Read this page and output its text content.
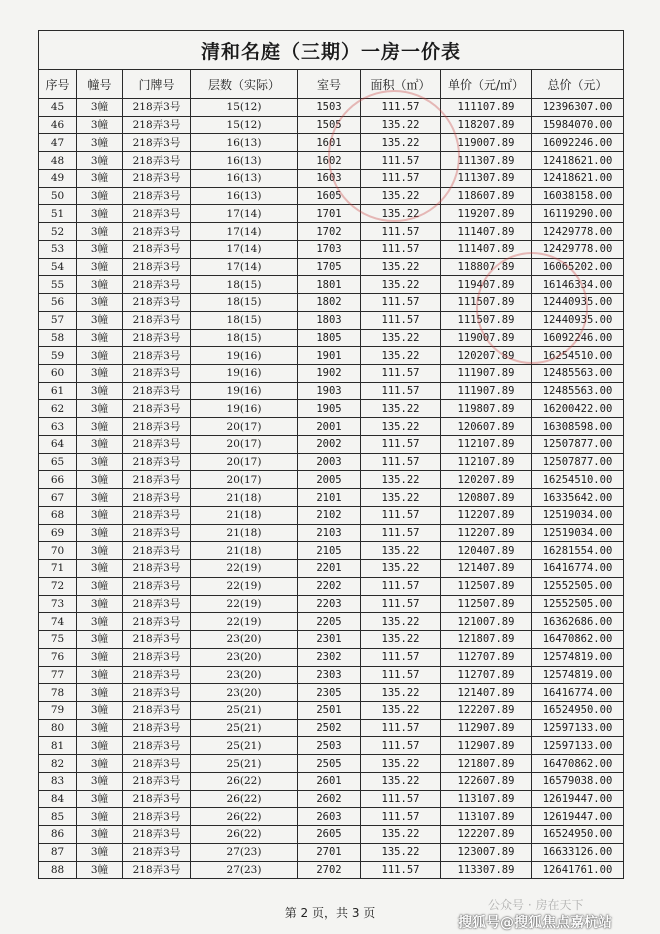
清和名庭（三期）一房一价表							
序号	幢号	门牌号	层数（实际）	室号	面积（㎡）	单价（元/㎡）	总价（元）
45	3幢	218弄3号	15(12)	1503	111.57	111107.89	12396307.00
46	3幢	218弄3号	15(12)	1505	135.22	118207.89	15984070.00
47	3幢	218弄3号	16(13)	1601	135.22	119007.89	16092246.00
48	3幢	218弄3号	16(13)	1602	111.57	111307.89	12418621.00
49	3幢	218弄3号	16(13)	1603	111.57	111307.89	12418621.00
50	3幢	218弄3号	16(13)	1605	135.22	118607.89	16038158.00
51	3幢	218弄3号	17(14)	1701	135.22	119207.89	16119290.00
52	3幢	218弄3号	17(14)	1702	111.57	111407.89	12429778.00
53	3幢	218弄3号	17(14)	1703	111.57	111407.89	12429778.00
54	3幢	218弄3号	17(14)	1705	135.22	118807.89	16065202.00
55	3幢	218弄3号	18(15)	1801	135.22	119407.89	16146334.00
56	3幢	218弄3号	18(15)	1802	111.57	111507.89	12440935.00
57	3幢	218弄3号	18(15)	1803	111.57	111507.89	12440935.00
58	3幢	218弄3号	18(15)	1805	135.22	119007.89	16092246.00
59	3幢	218弄3号	19(16)	1901	135.22	120207.89	16254510.00
60	3幢	218弄3号	19(16)	1902	111.57	111907.89	12485563.00
61	3幢	218弄3号	19(16)	1903	111.57	111907.89	12485563.00
62	3幢	218弄3号	19(16)	1905	135.22	119807.89	16200422.00
63	3幢	218弄3号	20(17)	2001	135.22	120607.89	16308598.00
64	3幢	218弄3号	20(17)	2002	111.57	112107.89	12507877.00
65	3幢	218弄3号	20(17)	2003	111.57	112107.89	12507877.00
66	3幢	218弄3号	20(17)	2005	135.22	120207.89	16254510.00
67	3幢	218弄3号	21(18)	2101	135.22	120807.89	16335642.00
68	3幢	218弄3号	21(18)	2102	111.57	112207.89	12519034.00
69	3幢	218弄3号	21(18)	2103	111.57	112207.89	12519034.00
70	3幢	218弄3号	21(18)	2105	135.22	120407.89	16281554.00
71	3幢	218弄3号	22(19)	2201	135.22	121407.89	16416774.00
72	3幢	218弄3号	22(19)	2202	111.57	112507.89	12552505.00
73	3幢	218弄3号	22(19)	2203	111.57	112507.89	12552505.00
74	3幢	218弄3号	22(19)	2205	135.22	121007.89	16362686.00
75	3幢	218弄3号	23(20)	2301	135.22	121807.89	16470862.00
76	3幢	218弄3号	23(20)	2302	111.57	112707.89	12574819.00
77	3幢	218弄3号	23(20)	2303	111.57	112707.89	12574819.00
78	3幢	218弄3号	23(20)	2305	135.22	121407.89	16416774.00
79	3幢	218弄3号	25(21)	2501	135.22	122207.89	16524950.00
80	3幢	218弄3号	25(21)	2502	111.57	112907.89	12597133.00
81	3幢	218弄3号	25(21)	2503	111.57	112907.89	12597133.00
82	3幢	218弄3号	25(21)	2505	135.22	121807.89	16470862.00
83	3幢	218弄3号	26(22)	2601	135.22	122607.89	16579038.00
84	3幢	218弄3号	26(22)	2602	111.57	113107.89	12619447.00
85	3幢	218弄3号	26(22)	2603	111.57	113107.89	12619447.00
86	3幢	218弄3号	26(22)	2605	135.22	122207.89	16524950.00
87	3幢	218弄3号	27(23)	2701	135.22	123007.89	16633126.00
88	3幢	218弄3号	27(23)	2702	111.57	113307.89	12641761.00
第 2 页，共 3 页
公众号 · 房在天下
搜狐号@搜狐焦点嘉杭站
